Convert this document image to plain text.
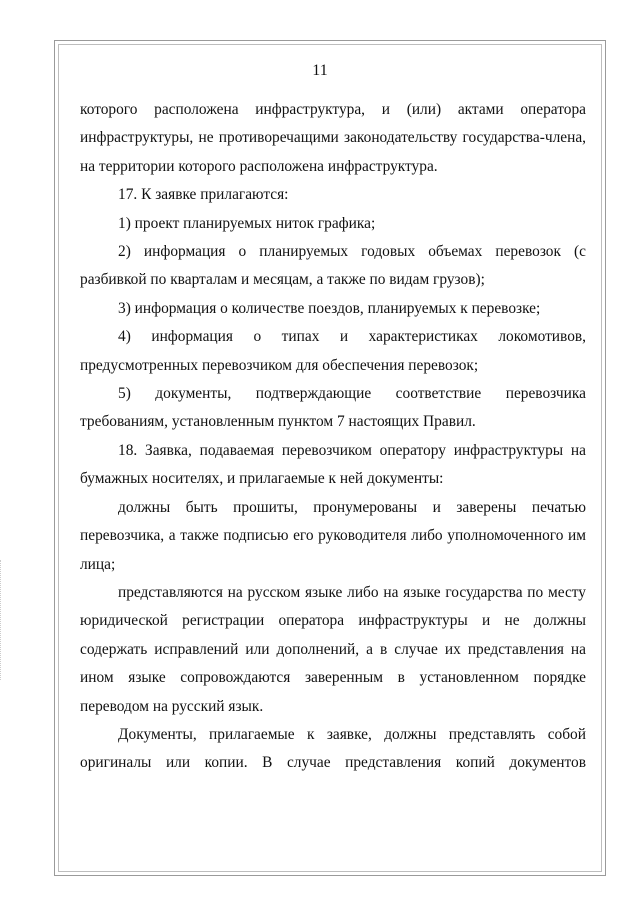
11

которого расположена инфраструктура, и (или) актами оператора инфраструктуры, не противоречащими законодательству государства-члена, на территории которого расположена инфраструктура.

17. К заявке прилагаются:

1) проект планируемых ниток графика;

2) информация о планируемых годовых объемах перевозок (с разбивкой по кварталам и месяцам, а также по видам грузов);

3) информация о количестве поездов, планируемых к перевозке;

4) информация о типах и характеристиках локомотивов, предусмотренных перевозчиком для обеспечения перевозок;

5) документы, подтверждающие соответствие перевозчика требованиям, установленным пунктом 7 настоящих Правил.

18. Заявка, подаваемая перевозчиком оператору инфраструктуры на бумажных носителях, и прилагаемые к ней документы:

должны быть прошиты, пронумерованы и заверены печатью перевозчика, а также подписью его руководителя либо уполномоченного им лица;

представляются на русском языке либо на языке государства по месту юридической регистрации оператора инфраструктуры и не должны содержать исправлений или дополнений, а в случае их представления на ином языке сопровождаются заверенным в установленном порядке переводом на русский язык.

Документы, прилагаемые к заявке, должны представлять собой оригиналы или копии. В случае представления копий документов
